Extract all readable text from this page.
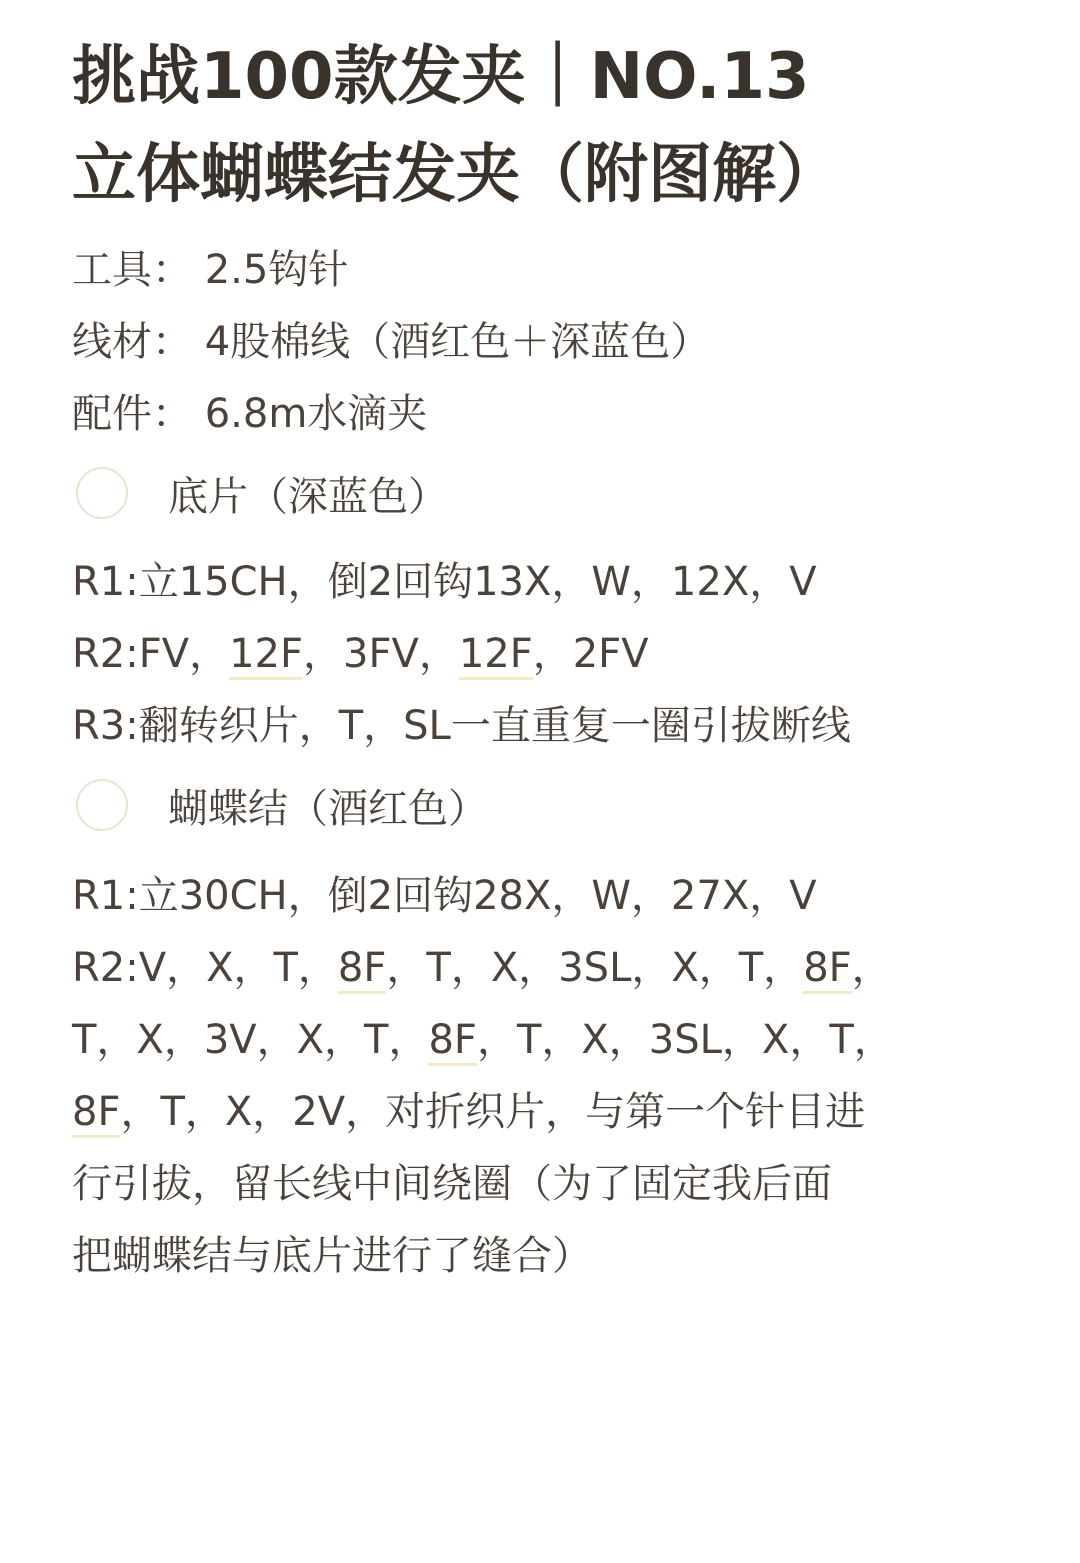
挑战100款发夹｜NO.13
立体蝴蝶结发夹（附图解）
工具： 2.5钩针
线材： 4股棉线（酒红色＋深蓝色）
配件： 6.8m水滴夹
底片（深蓝色）
R1:立15CH，倒2回钩13X，W，12X，V
R2:FV，12F，3FV，12F，2FV
R3:翻转织片，T，SL一直重复一圈引拔断线
蝴蝶结（酒红色）
R1:立30CH，倒2回钩28X，W，27X，V
R2:V，X，T，8F，T，X，3SL，X，T，8F，
T，X，3V，X，T，8F，T，X，3SL，X，T，
8F，T，X，2V，对折织片，与第一个针目进
行引拔，留长线中间绕圈（为了固定我后面
把蝴蝶结与底片进行了缝合）
